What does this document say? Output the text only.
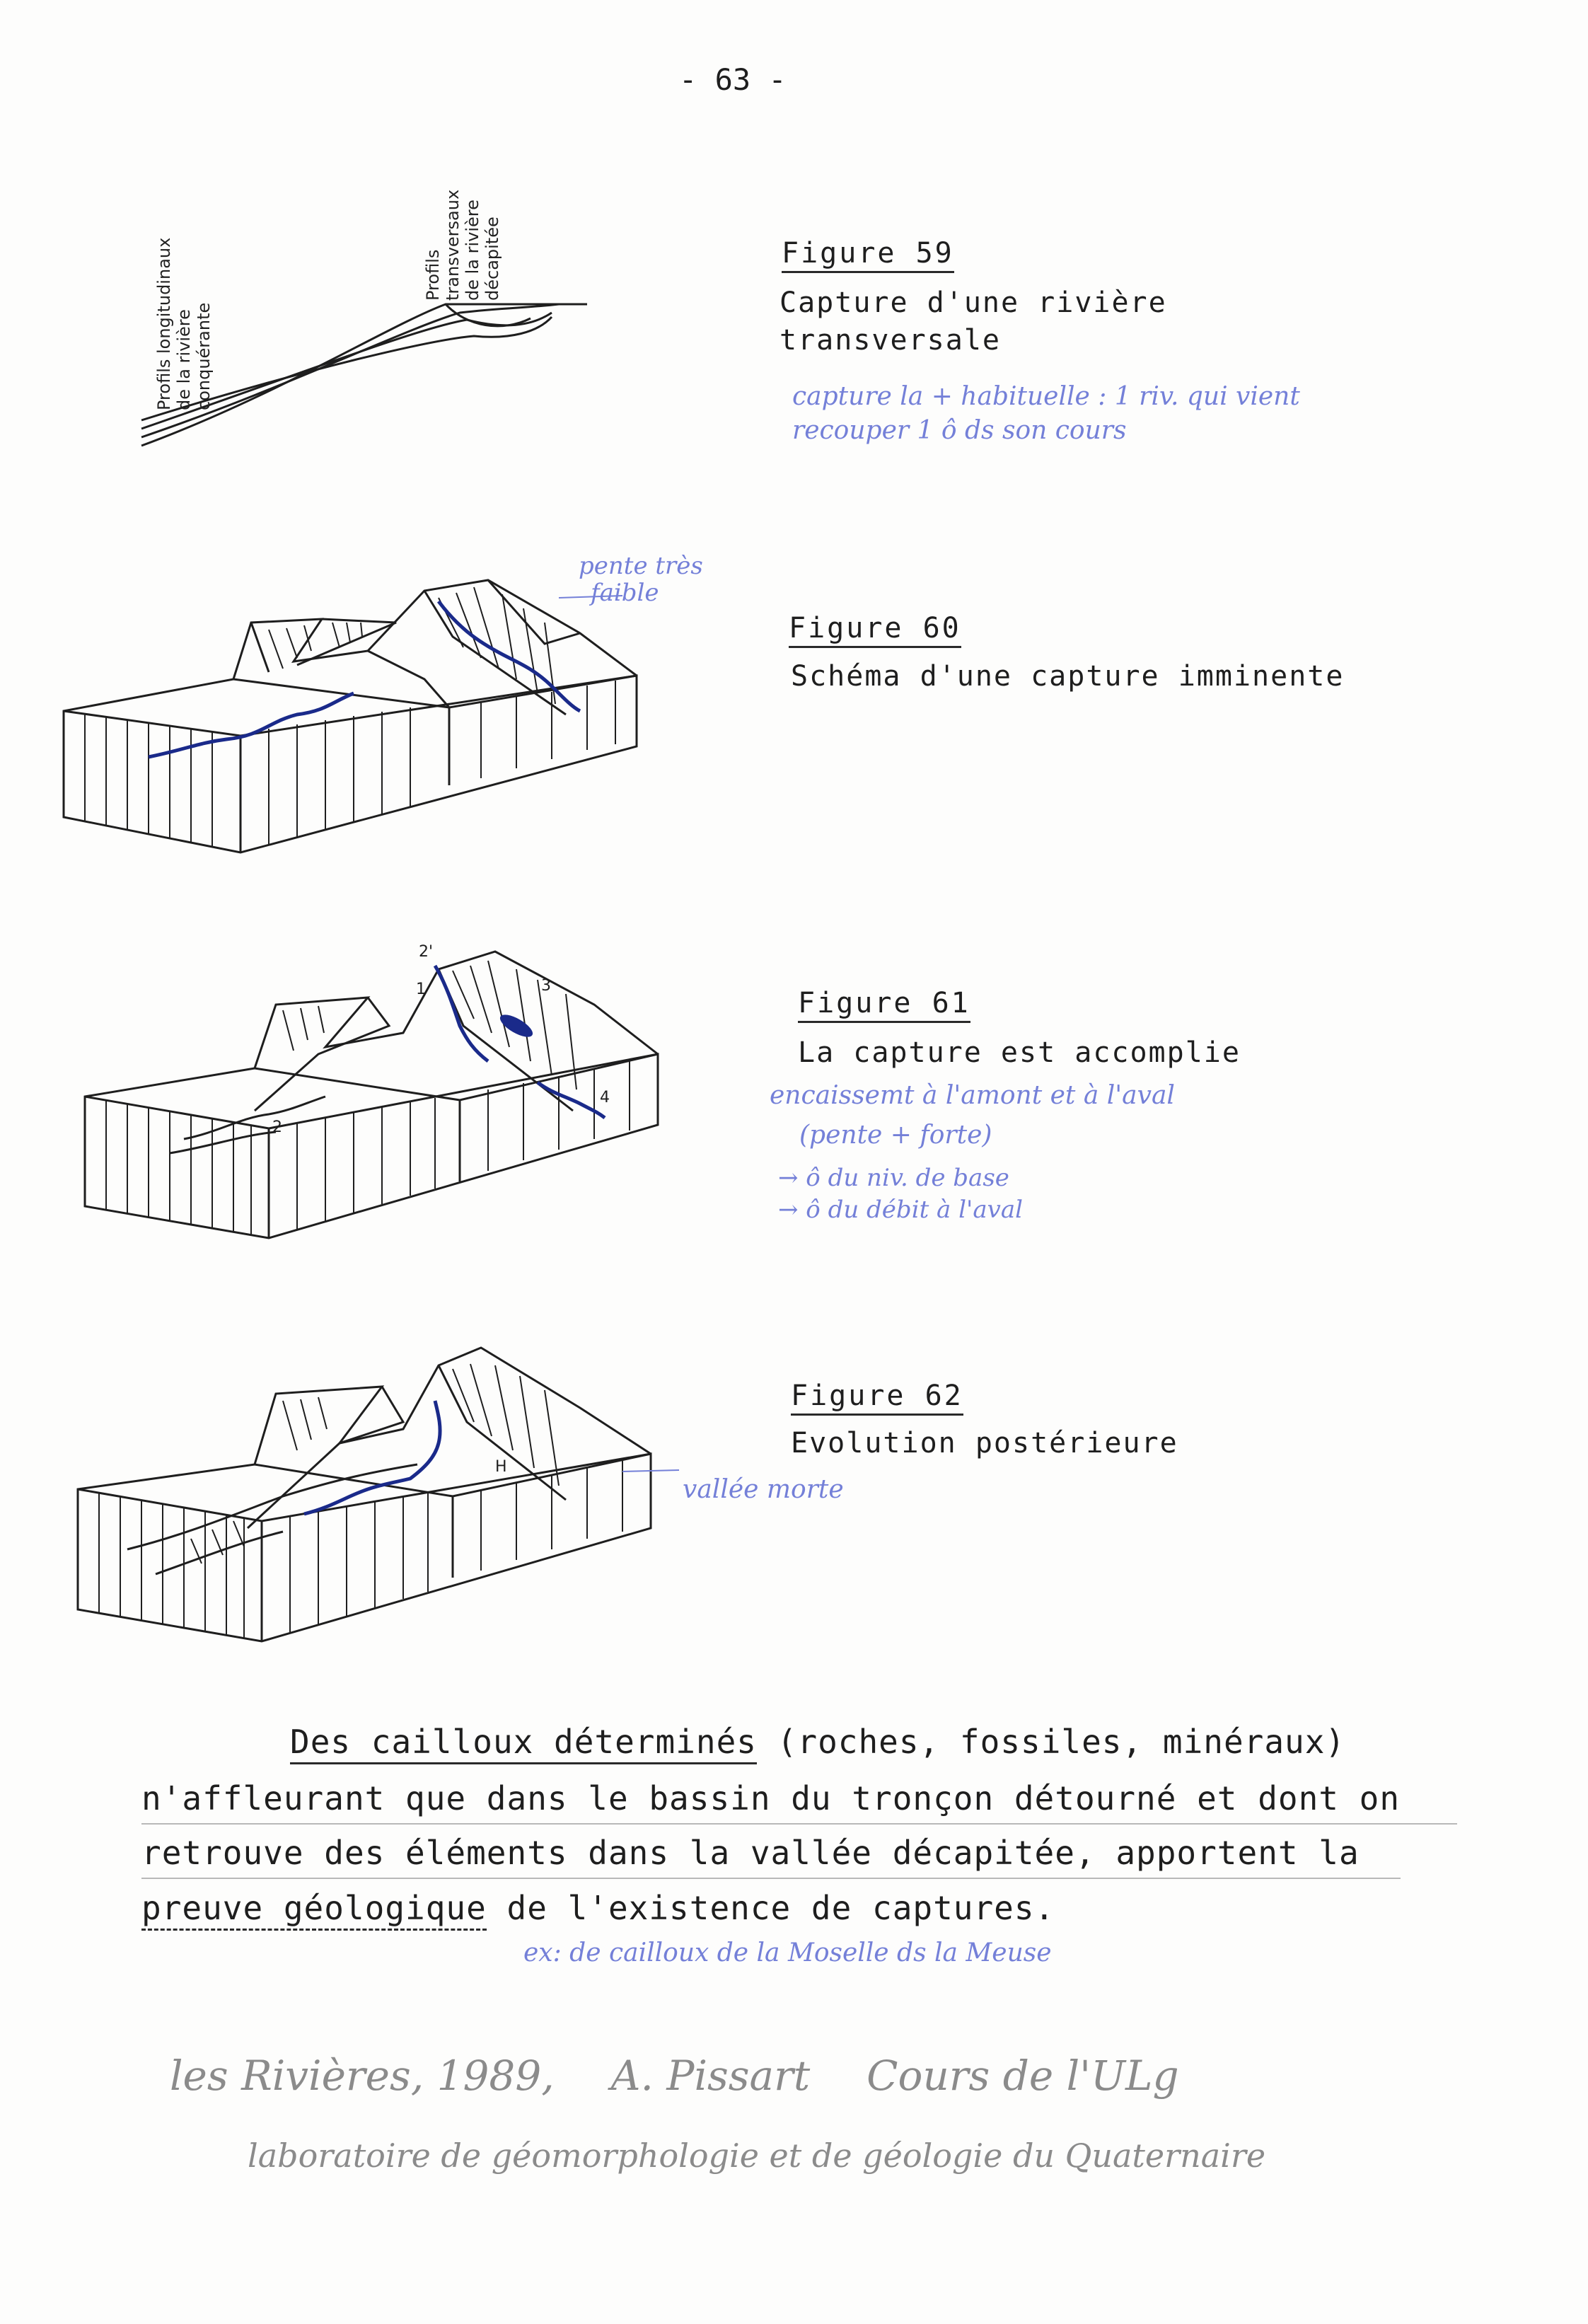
- 63 -
Profils longitudinaux de la rivière conquérante
Profils transversaux de la rivière décapitée	Figure 59
Capture d'une rivière
transversale
capture la + habituelle : 1 riv. qui vient
recouper 1 ô ds son cours
pente très
faible
Figure 60
Schéma d'une capture imminente
1
2'
2
3
4
Figure 61
La capture est accomplie
encaissemt à l'amont et à l'aval
(pente + forte)
→ ô du niv. de base
→ ô du débit à l'aval
H
vallée morte
Figure 62
Evolution postérieure
Des cailloux déterminés (roches, fossiles, minéraux)
n'affleurant que dans le bassin du tronçon détourné et dont on
retrouve des éléments dans la vallée décapitée, apportent la
preuve géologique de l'existence de captures.
ex: de cailloux de la Moselle ds la Meuse
les Rivières, 1989, A. Pissart Cours de l'ULg
laboratoire de géomorphologie et de géologie du Quaternaire
